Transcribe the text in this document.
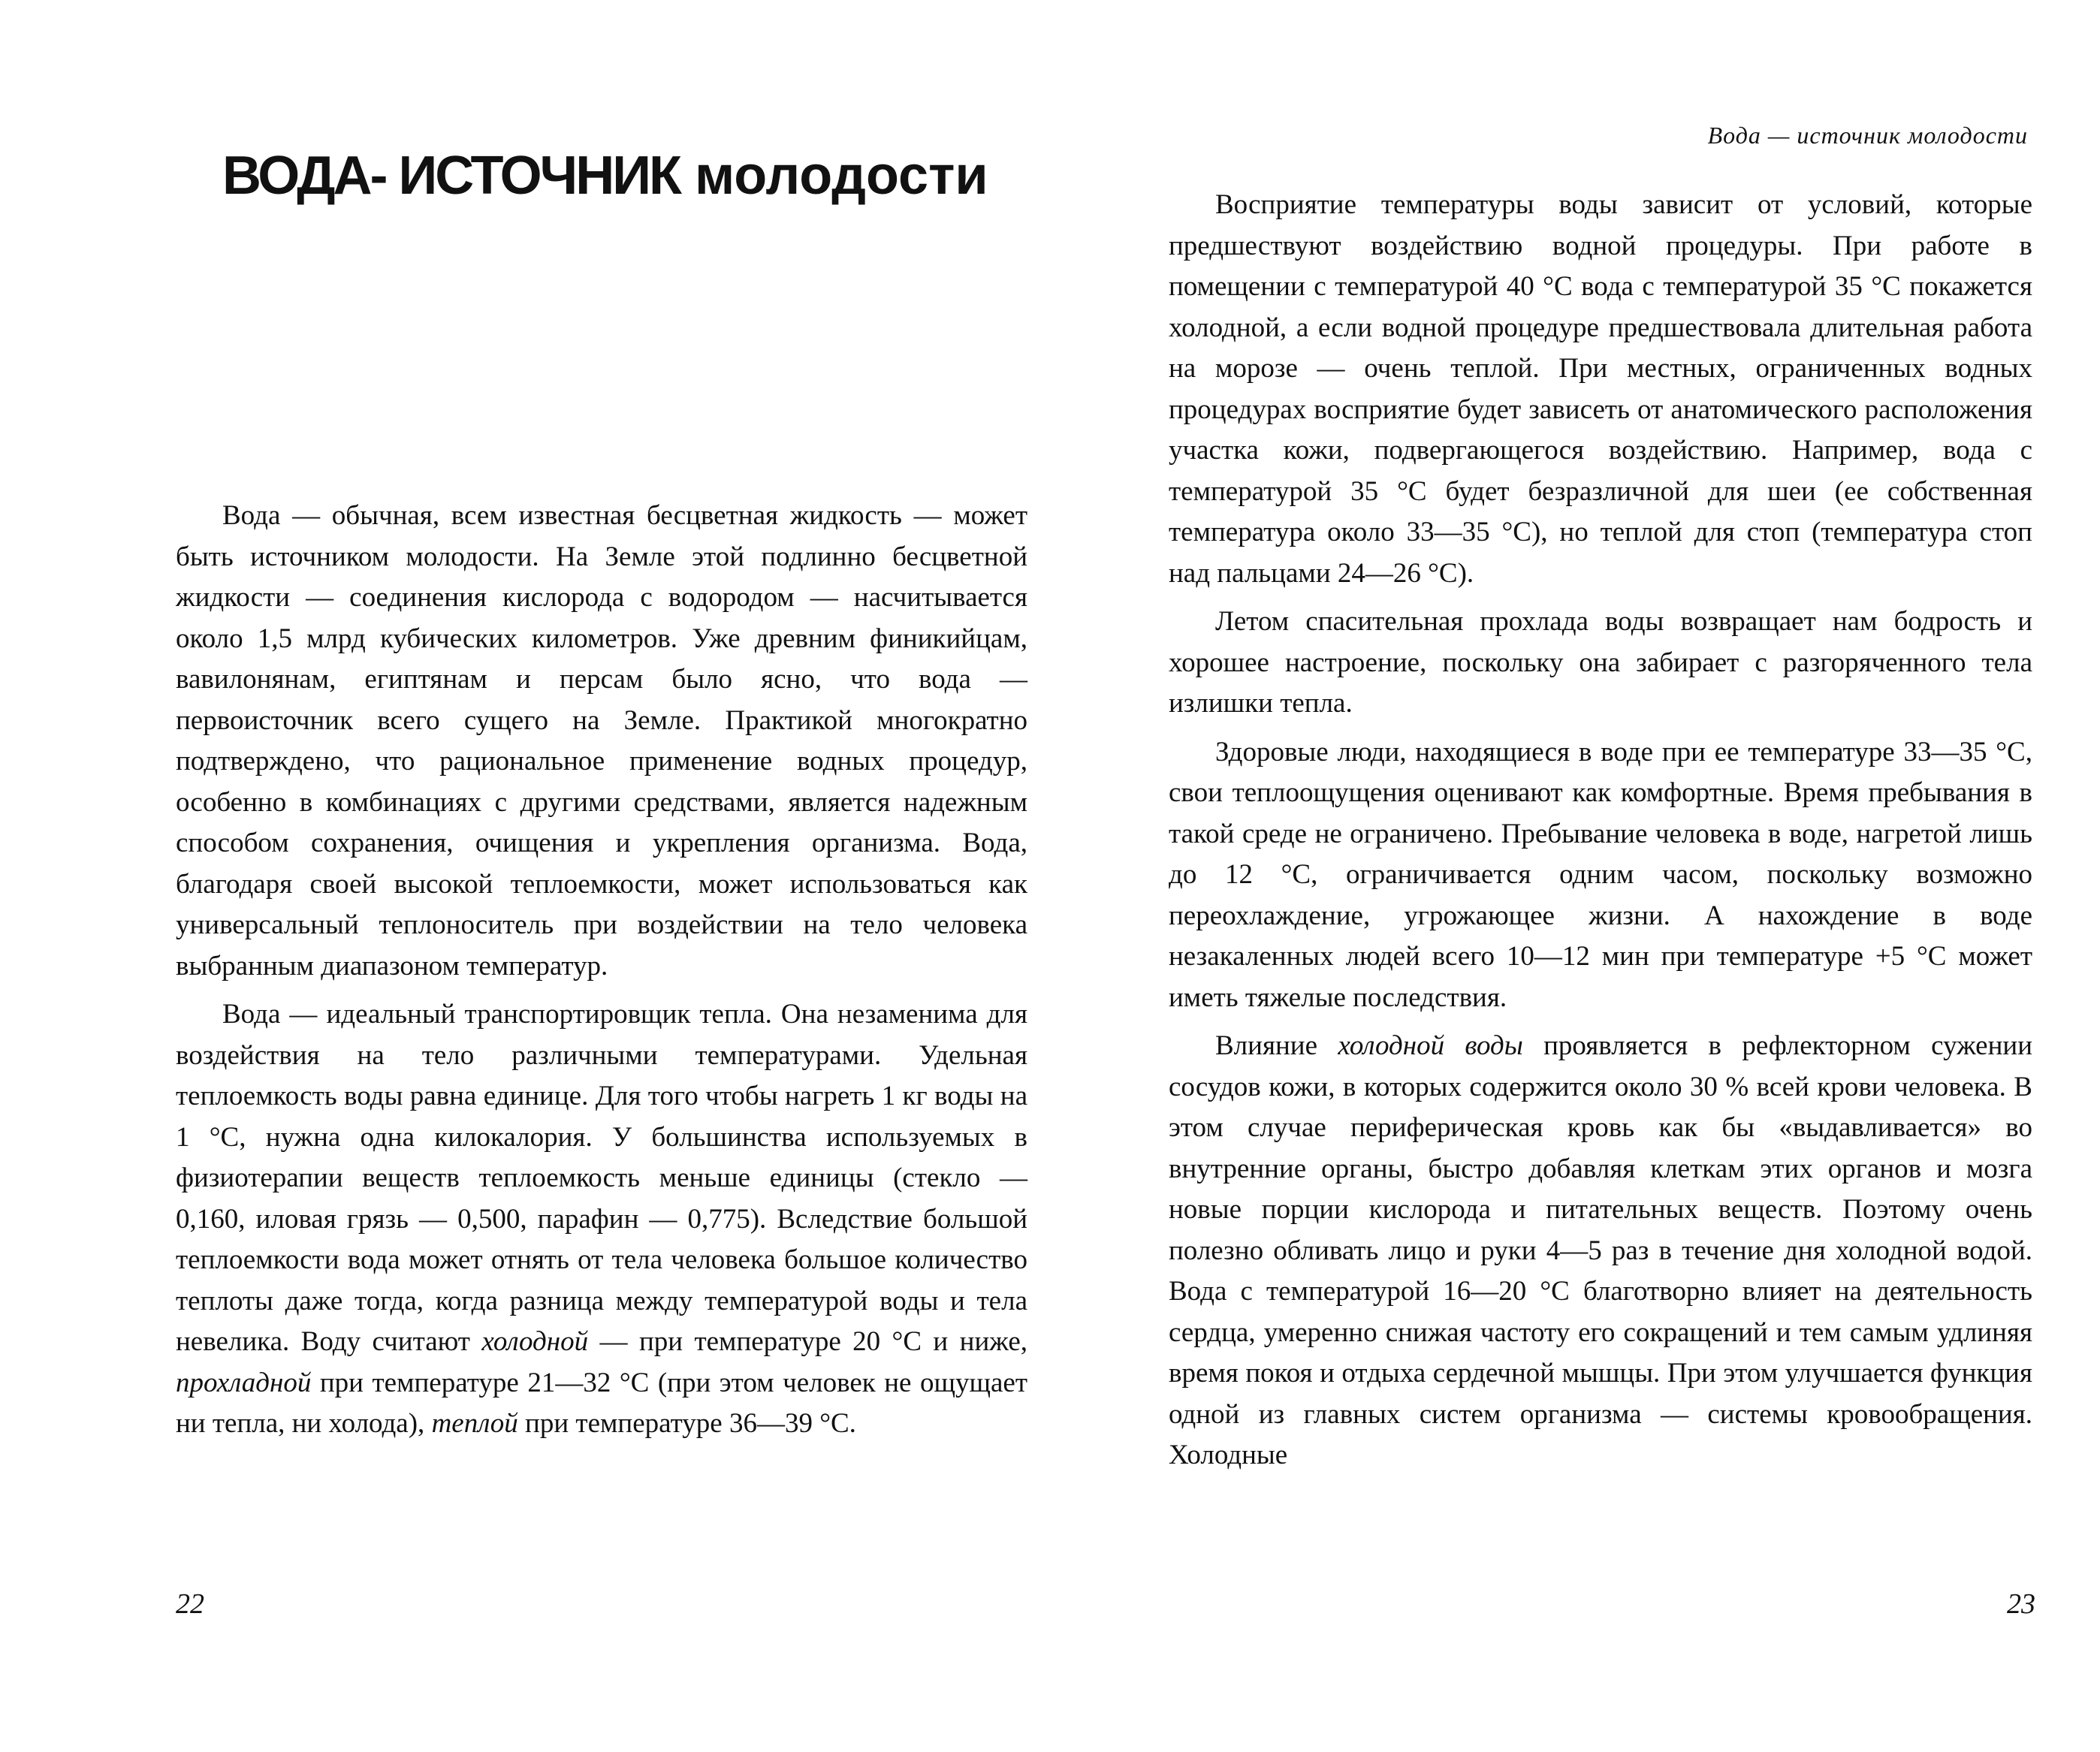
ВОДА- ИСТОЧНИК молодости

Вода — обычная, всем известная бесцветная жидкость — может быть источником молодости. На Земле этой подлинно бесцветной жидкости — соединения кислорода с водородом — насчитывается около 1,5 млрд кубических километров. Уже древним финикийцам, вавилонянам, египтянам и персам было ясно, что вода — первоисточник всего сущего на Земле. Практикой многократно подтверждено, что рациональное применение водных процедур, особенно в комбинациях с другими средствами, является надежным способом сохранения, очищения и укрепления организма. Вода, благодаря своей высокой теплоемкости, может использоваться как универсальный теплоноситель при воздействии на тело человека выбранным диапазоном температур.

Вода — идеальный транспортировщик тепла. Она незаменима для воздействия на тело различными температурами. Удельная теплоемкость воды равна единице. Для того чтобы нагреть 1 кг воды на 1 °С, нужна одна килокалория. У большинства используемых в физиотерапии веществ теплоемкость меньше единицы (стекло — 0,160, иловая грязь — 0,500, парафин — 0,775). Вследствие большой теплоемкости вода может отнять от тела человека большое количество теплоты даже тогда, когда разница между температурой воды и тела невелика. Воду считают холодной — при температуре 20 °С и ниже, прохладной при температуре 21—32 °С (при этом человек не ощущает ни тепла, ни холода), теплой при температуре 36—39 °С.

22
Вода — источник молодости

Восприятие температуры воды зависит от условий, которые предшествуют воздействию водной процедуры. При работе в помещении с температурой 40 °С вода с температурой 35 °С покажется холодной, а если водной процедуре предшествовала длительная работа на морозе — очень теплой. При местных, ограниченных водных процедурах восприятие будет зависеть от анатомического расположения участка кожи, подвергающегося воздействию. Например, вода с температурой 35 °С будет безразличной для шеи (ее собственная температура около 33—35 °С), но теплой для стоп (температура стоп над пальцами 24—26 °С).

Летом спасительная прохлада воды возвращает нам бодрость и хорошее настроение, поскольку она забирает с разгоряченного тела излишки тепла.

Здоровые люди, находящиеся в воде при ее температуре 33—35 °С, свои теплоощущения оценивают как комфортные. Время пребывания в такой среде не ограничено. Пребывание человека в воде, нагретой лишь до 12 °С, ограничивается одним часом, поскольку возможно переохлаждение, угрожающее жизни. А нахождение в воде незакаленных людей всего 10—12 мин при температуре +5 °С может иметь тяжелые последствия.

Влияние холодной воды проявляется в рефлекторном сужении сосудов кожи, в которых содержится около 30 % всей крови человека. В этом случае периферическая кровь как бы «выдавливается» во внутренние органы, быстро добавляя клеткам этих органов и мозга новые порции кислорода и питательных веществ. Поэтому очень полезно обливать лицо и руки 4—5 раз в течение дня холодной водой. Вода с температурой 16—20 °С благотворно влияет на деятельность сердца, умеренно снижая частоту его сокращений и тем самым удлиняя время покоя и отдыха сердечной мышцы. При этом улучшается функция одной из главных систем организма — системы кровообращения. Холодные

23
